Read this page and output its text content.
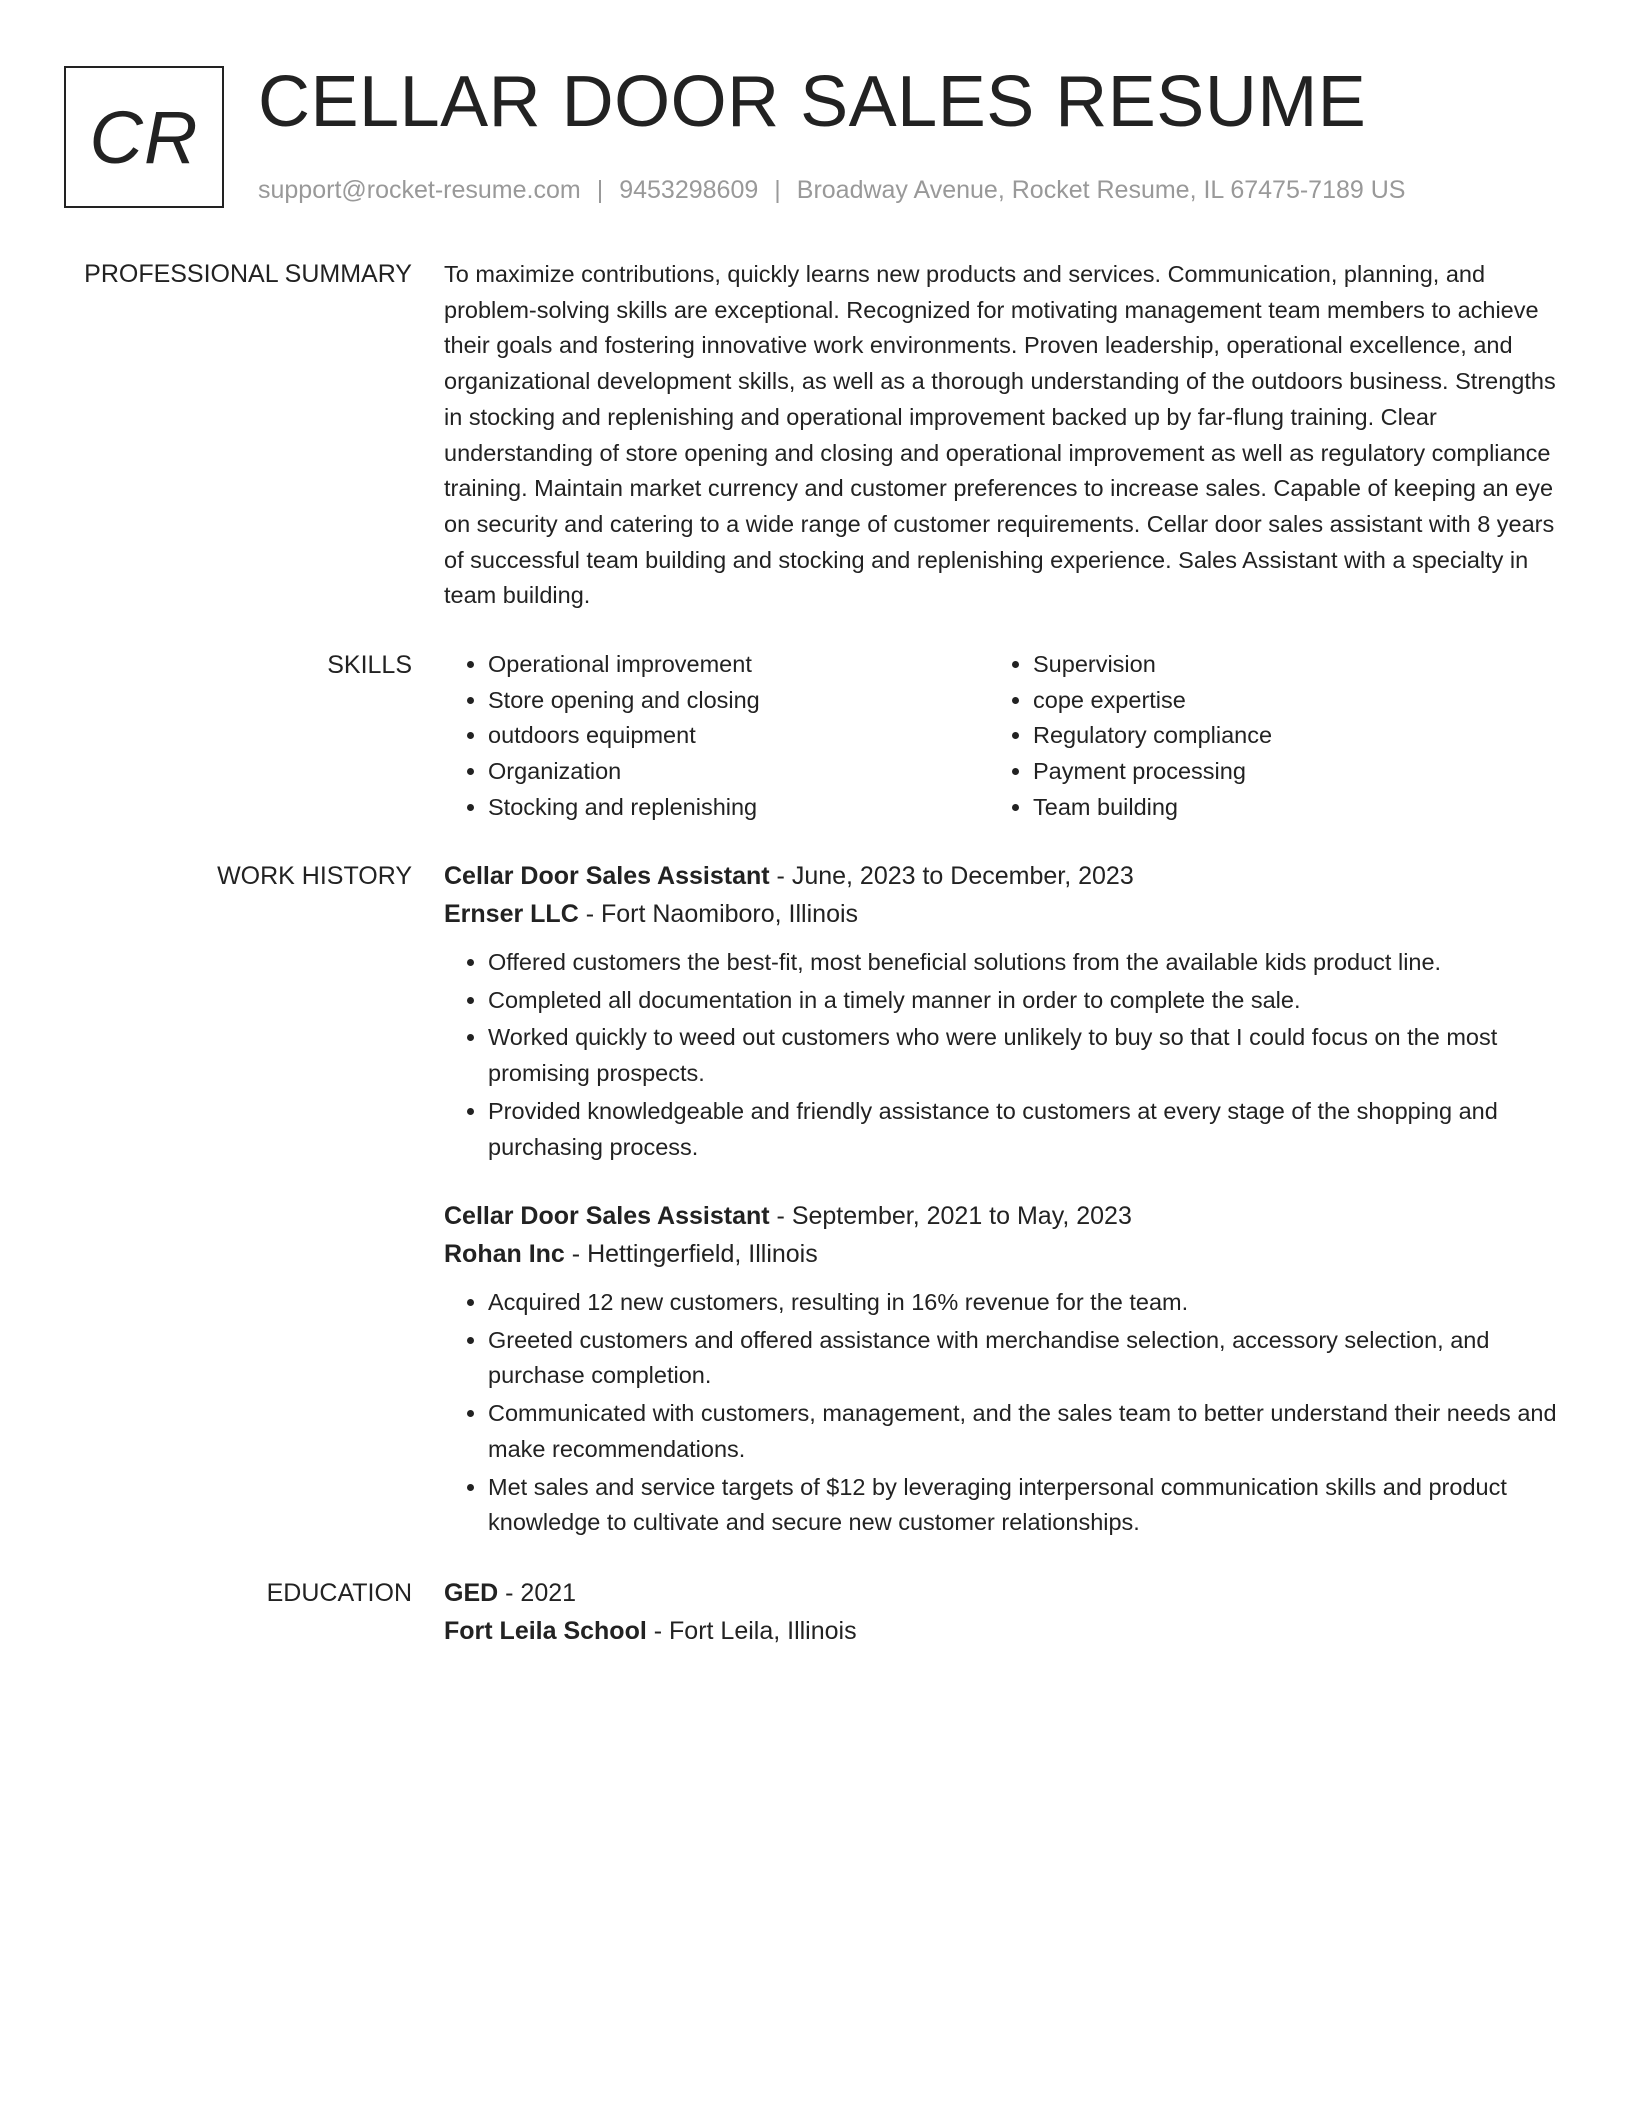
CR CELLAR DOOR SALES RESUME
support@rocket-resume.com | 9453298609 | Broadway Avenue, Rocket Resume, IL 67475-7189 US
PROFESSIONAL SUMMARY To maximize contributions, quickly learns new products and services. Communication, planning, and problem-solving skills are exceptional. Recognized for motivating management team members to achieve their goals and fostering innovative work environments. Proven leadership, operational excellence, and organizational development skills, as well as a thorough understanding of the outdoors business. Strengths in stocking and replenishing and operational improvement backed up by far-flung training. Clear understanding of store opening and closing and operational improvement as well as regulatory compliance training. Maintain market currency and customer preferences to increase sales. Capable of keeping an eye on security and catering to a wide range of customer requirements. Cellar door sales assistant with 8 years of successful team building and stocking and replenishing experience. Sales Assistant with a specialty in team building.
SKILLS
•	Operational improvement
• Store opening and closing
• outdoors equipment
• Organization
• Stocking and replenishing
• Supervision
• cope expertise
• Regulatory compliance
• Payment processing
• Team building
WORK HISTORY Cellar Door Sales Assistant - June, 2023 to December, 2023
Ernser LLC - Fort Naomiboro, Illinois
• Offered customers the best-fit, most beneficial solutions from the available kids product line.
• Completed all documentation in a timely manner in order to complete the sale.
• Worked quickly to weed out customers who were unlikely to buy so that I could focus on the most promising prospects.
• Provided knowledgeable and friendly assistance to customers at every stage of the shopping and purchasing process.
Cellar Door Sales Assistant - September, 2021 to May, 2023
Rohan Inc - Hettingerfield, Illinois
• Acquired 12 new customers, resulting in 16% revenue for the team.
• Greeted customers and offered assistance with merchandise selection, accessory selection, and purchase completion.
• Communicated with customers, management, and the sales team to better understand their needs and make recommendations.
• Met sales and service targets of $12 by leveraging interpersonal communication skills and product knowledge to cultivate and secure new customer relationships.
EDUCATION GED - 2021
Fort Leila School - Fort Leila, Illinois
